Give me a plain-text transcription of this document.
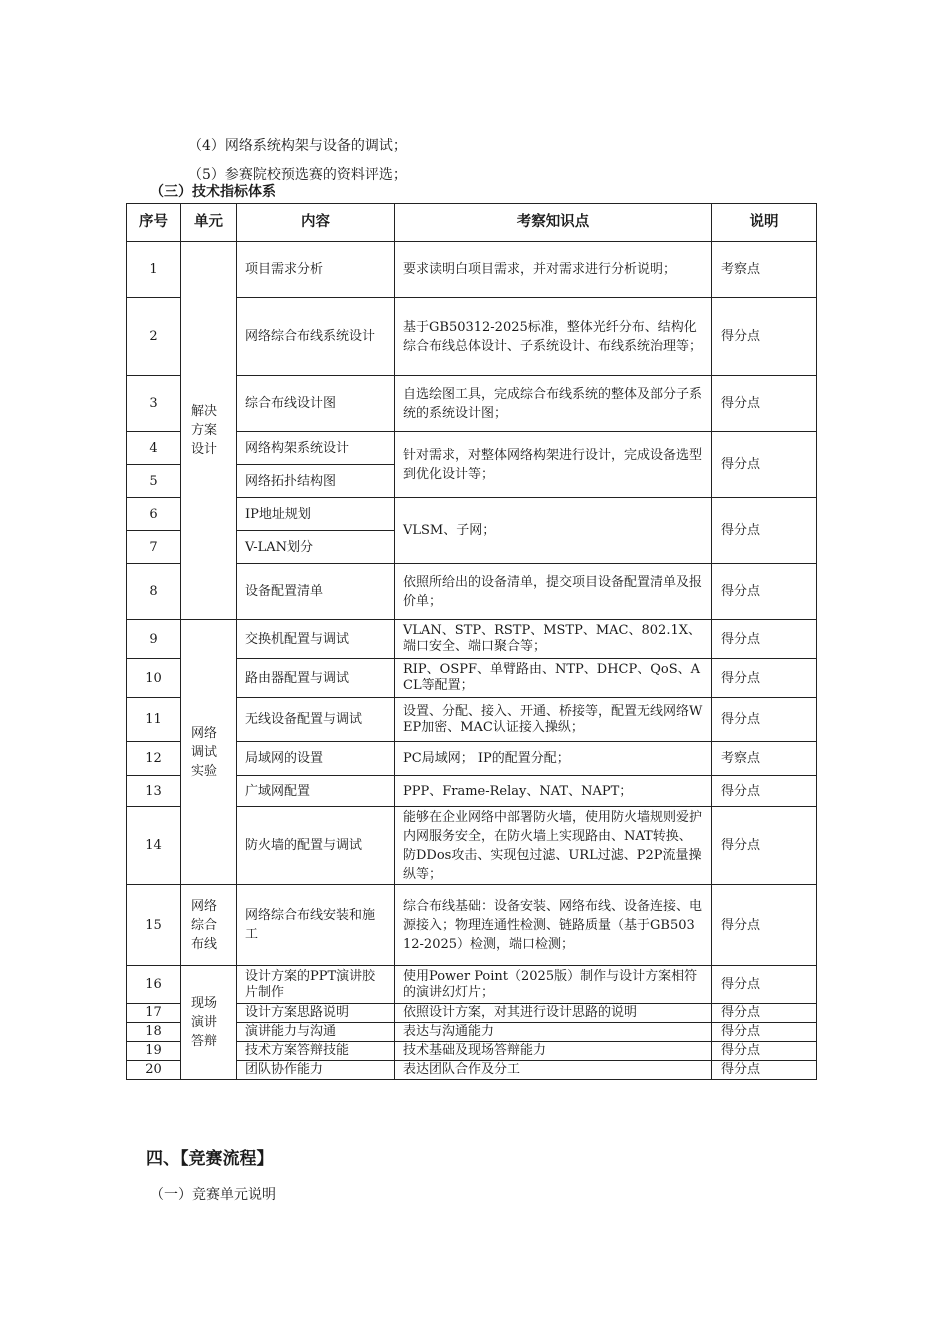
（4）网络系统构架与设备的调试；
（5）参赛院校预选赛的资料评选；
（三）技术指标体系
序号	单元	内容	考察知识点	说明
1	解决方案设计	项目需求分析	要求读明白项目需求，并对需求进行分析说明；	考察点
2		网络综合布线系统设计	基于GB50312-2025标准，整体光纤分布、结构化综合布线总体设计、子系统设计、布线系统治理等；	得分点
3		综合布线设计图	自选绘图工具，完成综合布线系统的整体及部分子系统的系统设计图；	得分点
4		网络构架系统设计	针对需求，对整体网络构架进行设计，完成设备选型到优化设计等；	得分点
5		网络拓扑结构图		
6		IP地址规划	VLSM、子网；	得分点
7		V-LAN划分		
8		设备配置清单	依照所给出的设备清单，提交项目设备配置清单及报价单；	得分点
9	网络调试实验	交换机配置与调试	VLAN、STP、RSTP、MSTP、MAC、802.1X、端口安全、端口聚合等；	得分点
10		路由器配置与调试	RIP、OSPF、单臂路由、NTP、DHCP、QoS、ACL等配置；	得分点
11		无线设备配置与调试	设置、分配、接入、开通、桥接等，配置无线网络WEP加密、MAC认证接入操纵；	得分点
12		局域网的设置	PC局域网； IP的配置分配；	考察点
13		广域网配置	PPP、Frame-Relay、NAT、NAPT；	得分点
14		防火墙的配置与调试	能够在企业网络中部署防火墙，使用防火墙规则爱护内网服务安全，在防火墙上实现路由、NAT转换、防DDos攻击、实现包过滤、URL过滤、P2P流量操纵等；	得分点
15	网络综合布线	网络综合布线安装和施工	综合布线基础：设备安装、网络布线、设备连接、电源接入；物理连通性检测、链路质量（基于GB50312-2025）检测，端口检测；	得分点
16	现场演讲答辩	设计方案的PPT演讲胶片制作	使用Power Point（2025版）制作与设计方案相符的演讲幻灯片；	得分点
17		设计方案思路说明	依照设计方案，对其进行设计思路的说明	得分点
18		演讲能力与沟通	表达与沟通能力	得分点
19		技术方案答辩技能	技术基础及现场答辩能力	得分点
20		团队协作能力	表达团队合作及分工	得分点
四、【竞赛流程】
（一）竞赛单元说明
